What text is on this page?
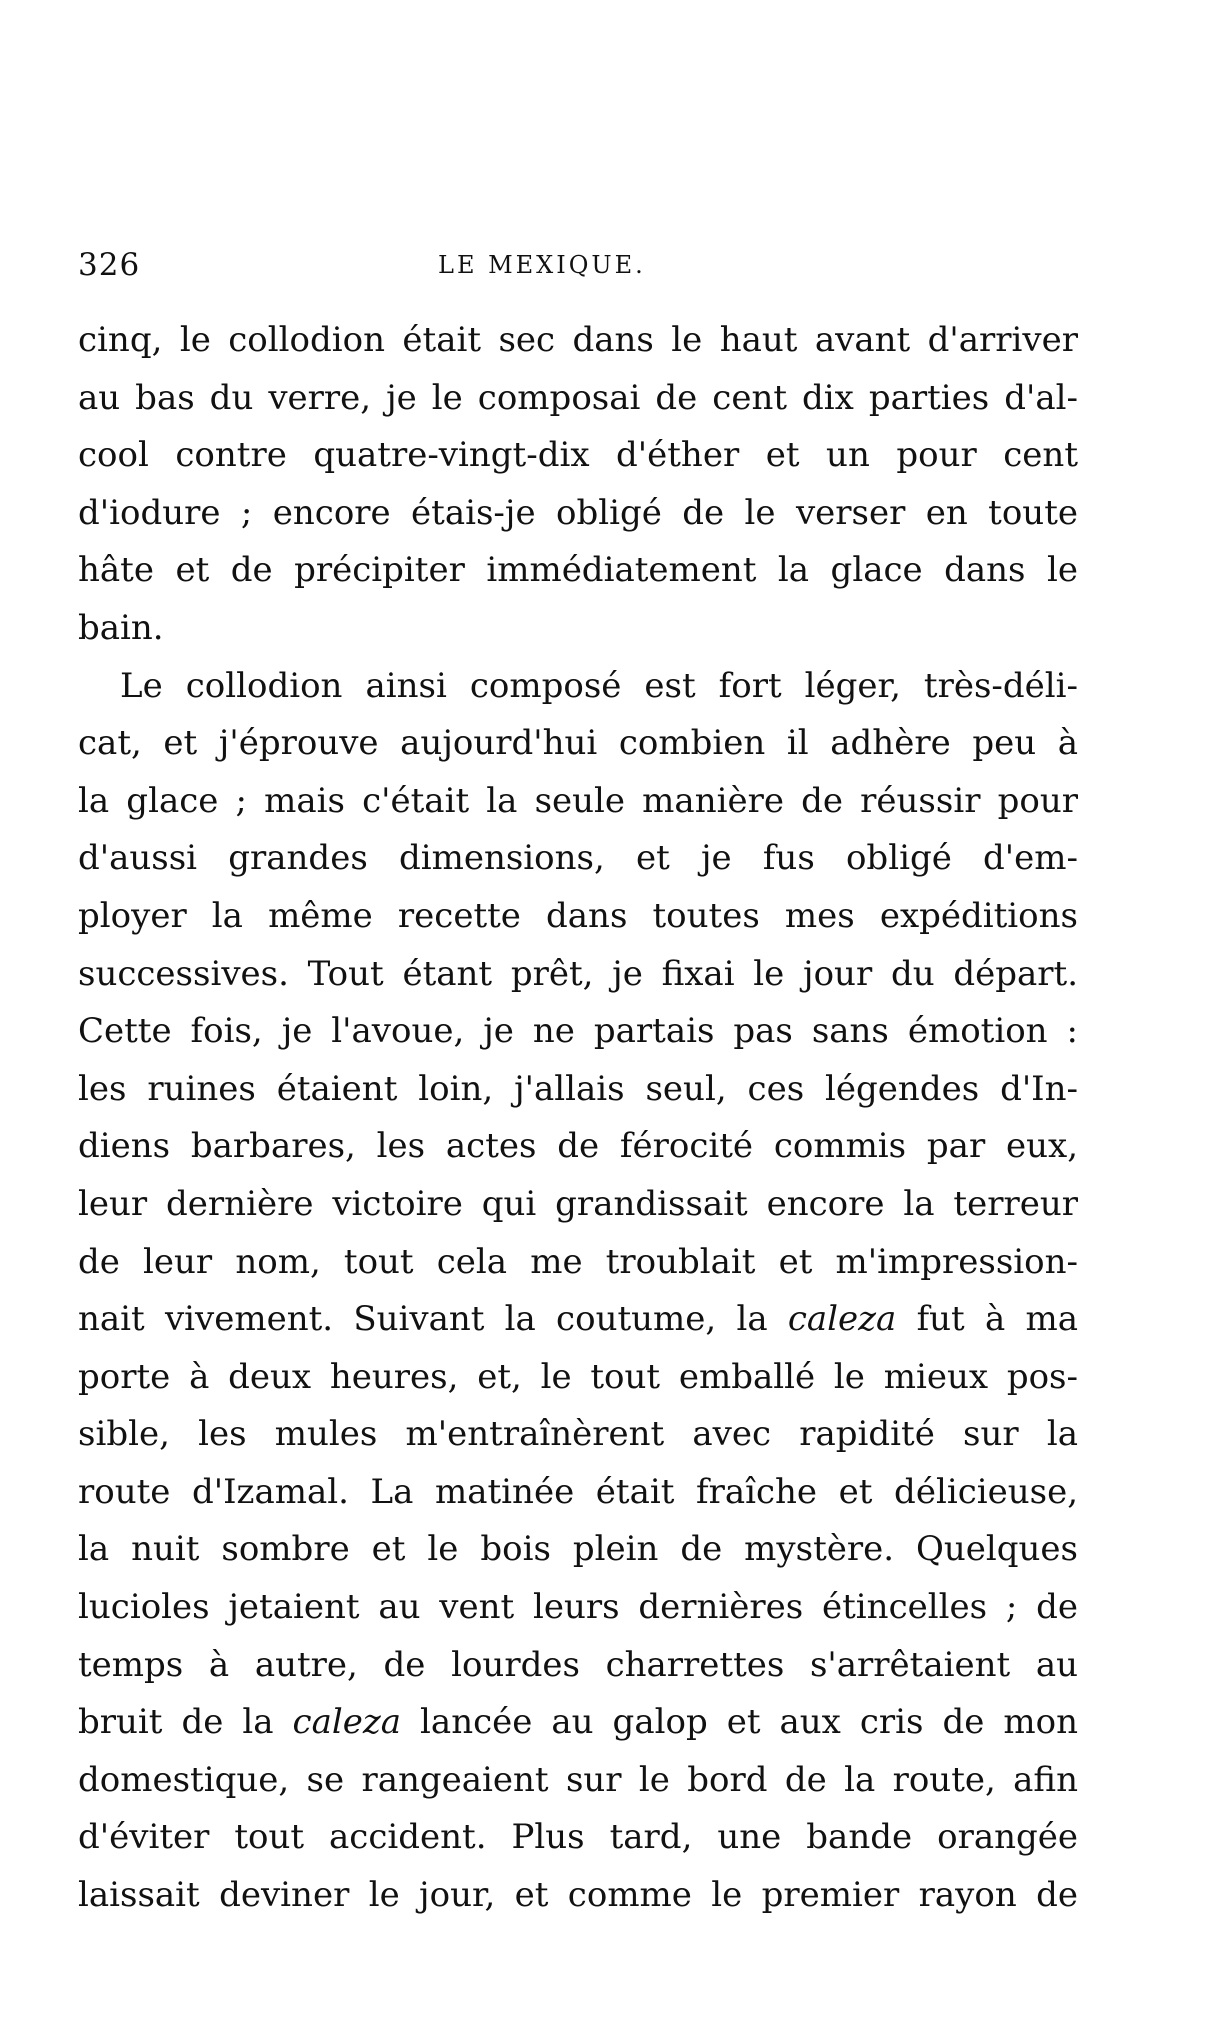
326	LE MEXIQUE.
cinq, le collodion était sec dans le haut avant d'arriver
au bas du verre, je le composai de cent dix parties d'al-
cool contre quatre-vingt-dix d'éther et un pour cent
d'iodure ; encore étais-je obligé de le verser en toute
hâte et de précipiter immédiatement la glace dans le
bain.
Le collodion ainsi composé est fort léger, très-déli-
cat, et j'éprouve aujourd'hui combien il adhère peu à
la glace ; mais c'était la seule manière de réussir pour
d'aussi grandes dimensions, et je fus obligé d'em-
ployer la même recette dans toutes mes expéditions
successives. Tout étant prêt, je fixai le jour du départ.
Cette fois, je l'avoue, je ne partais pas sans émotion :
les ruines étaient loin, j'allais seul, ces légendes d'In-
diens barbares, les actes de férocité commis par eux,
leur dernière victoire qui grandissait encore la terreur
de leur nom, tout cela me troublait et m'impression-
nait vivement. Suivant la coutume, la caleza fut à ma
porte à deux heures, et, le tout emballé le mieux pos-
sible, les mules m'entraînèrent avec rapidité sur la
route d'Izamal. La matinée était fraîche et délicieuse,
la nuit sombre et le bois plein de mystère. Quelques
lucioles jetaient au vent leurs dernières étincelles ; de
temps à autre, de lourdes charrettes s'arrêtaient au
bruit de la caleza lancée au galop et aux cris de mon
domestique, se rangeaient sur le bord de la route, afin
d'éviter tout accident. Plus tard, une bande orangée
laissait deviner le jour, et comme le premier rayon de
